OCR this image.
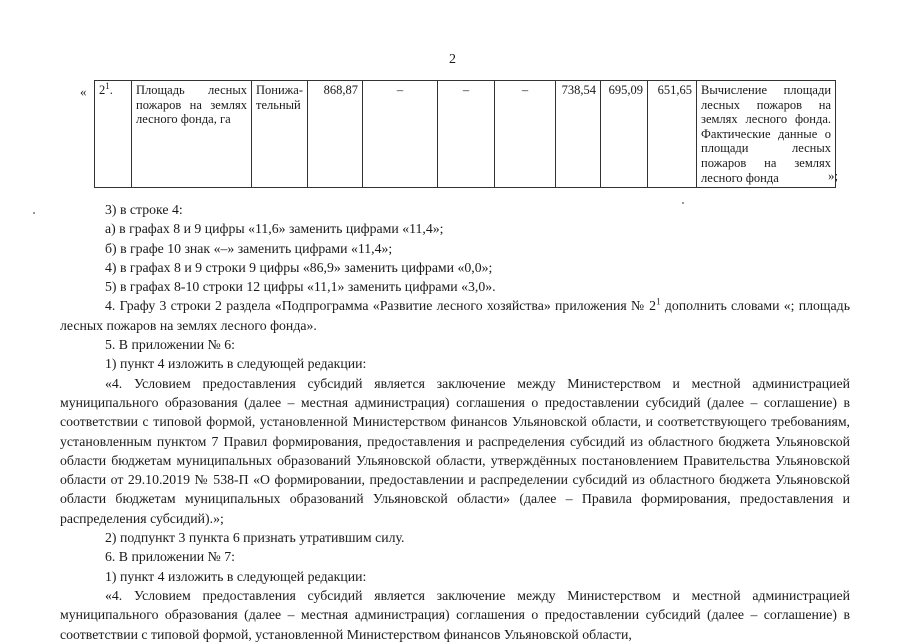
2
« $2^1$.	Площадь лесных пожаров на землях лесного фонда, га	Понижа-тельный	868,87	–	–	–	738,54	695,09	651,65	Вычисление площади лесных пожаров на землях лесного фонда. Фактические данные о площади лесных пожаров на землях лесного фонда	»;

3) в строке 4:

а) в графах 8 и 9 цифры «11,6» заменить цифрами «11,4»;

б) в графе 10 знак «–» заменить цифрами «11,4»;

4) в графах 8 и 9 строки 9 цифры «86,9» заменить цифрами «0,0»;

5) в графах 8-10 строки 12 цифры «11,1» заменить цифрами «3,0».

4. Графу 3 строки 2 раздела «Подпрограмма «Развитие лесного хозяйства» приложения № $2^1$ дополнить словами «; площадь лесных пожаров на землях лесного фонда».

5. В приложении № 6:

1) пункт 4 изложить в следующей редакции:

«4. Условием предоставления субсидий является заключение между Министерством и местной администрацией муниципального образования (далее – местная администрация) соглашения о предоставлении субсидий (далее – соглашение) в соответствии с типовой формой, установленной Министерством финансов Ульяновской области, и соответствующего требованиям, установленным пунктом 7 Правил формирования, предоставления и распределения субсидий из областного бюджета Ульяновской области бюджетам муниципальных образований Ульяновской области, утверждённых постановлением Правительства Ульяновской области от 29.10.2019 № 538-П «О формировании, предоставлении и распределении субсидий из областного бюджета Ульяновской области бюджетам муниципальных образований Ульяновской области» (далее – Правила формирования, предоставления и распределения субсидий).»;

2) подпункт 3 пункта 6 признать утратившим силу.

6. В приложении № 7:

1) пункт 4 изложить в следующей редакции:

«4. Условием предоставления субсидий является заключение между Министерством и местной администрацией муниципального образования (далее – местная администрация) соглашения о предоставлении субсидий (далее – соглашение) в соответствии с типовой формой, установленной Министерством финансов Ульяновской области,
